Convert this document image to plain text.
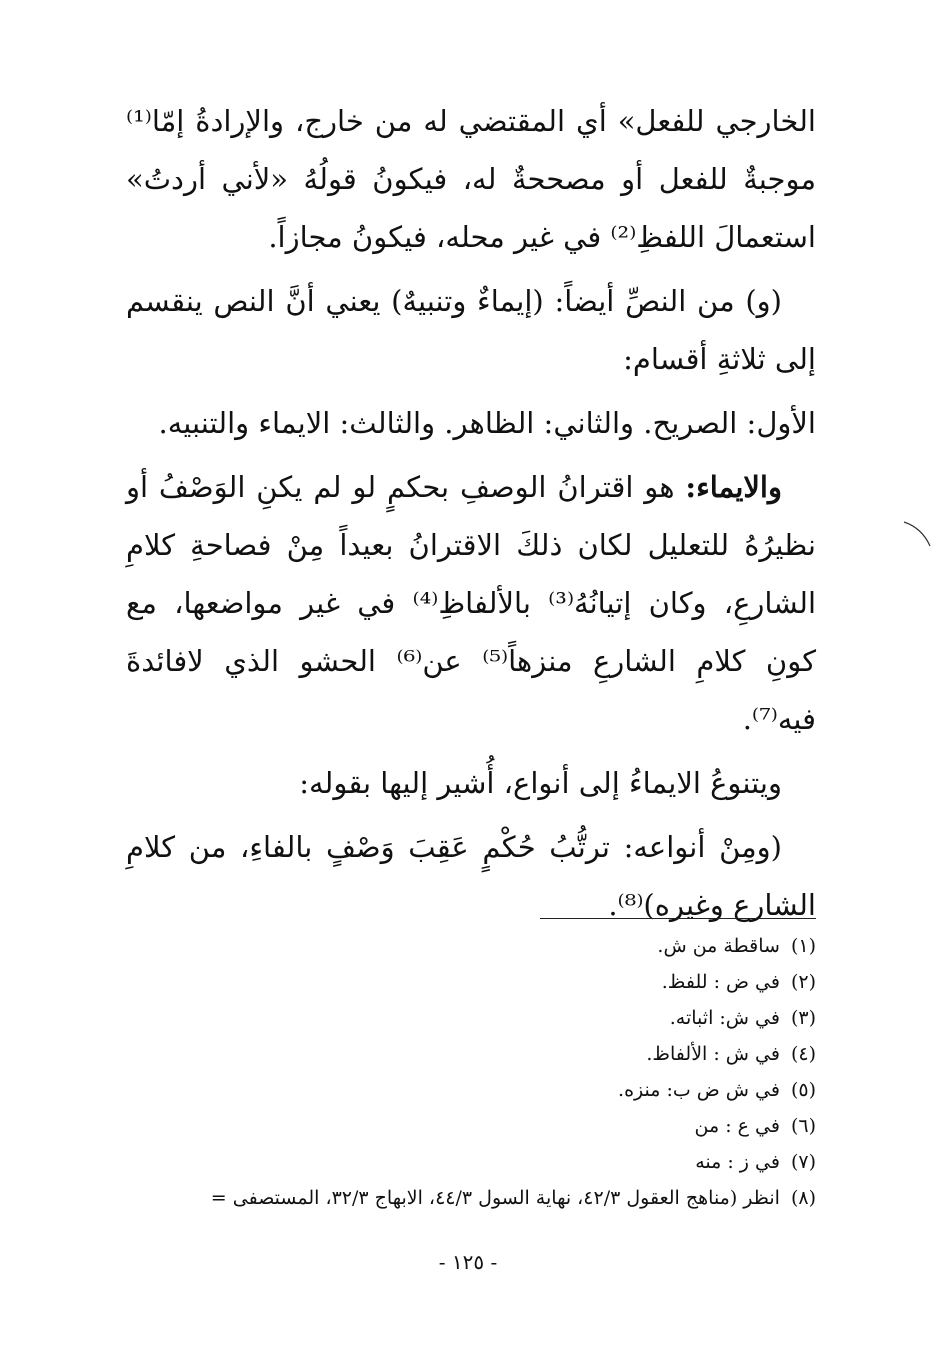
الخارجي للفعل» أي المقتضي له من خارج، والإرادةُ إمّا⁽¹⁾ موجبةٌ للفعل أو مصححةٌ له، فيكونُ قولُهُ «لأني أردتُ» استعمالَ اللفظِ⁽²⁾ في غير محله، فيكونُ مجازاً.

(و) من النصِّ أيضاً: (إيماءٌ وتنبيهٌ) يعني أنَّ النص ينقسم إلى ثلاثةِ أقسام:

الأول: الصريح. والثاني: الظاهر. والثالث: الايماء والتنبيه.

والايماء: هو اقترانُ الوصفِ بحكمٍ لو لم يكنِ الوَصْفُ أو نظيرُهُ للتعليل لكان ذلكَ الاقترانُ بعيداً مِنْ فصاحةِ كلامِ الشارعِ، وكان إتيانُهُ⁽³⁾ بالألفاظِ⁽⁴⁾ في غير مواضعها، مع كونِ كلامِ الشارعِ منزهاً⁽⁵⁾ عن⁽⁶⁾ الحشو الذي لافائدةَ فيه⁽⁷⁾.

ويتنوعُ الايماءُ إلى أنواع، أُشير إليها بقوله:

(ومِنْ أنواعه: ترتُّبُ حُكْمٍ عَقِبَ وَصْفٍ بالفاءِ، من كلامِ الشارع وغيره)⁽⁸⁾.

(١) ساقطة من ش.
(٢) في ض : للفظ.
(٣) في ش: اثباته.
(٤) في ش : الألفاظ.
(٥) في ش ض ب: منزه.
(٦) في ع : من
(٧) في ز : منه
(٨) انظر (مناهج العقول ٤٢/٣، نهاية السول ٤٤/٣، الابهاج ٣٢/٣، المستصفى =
- ١٢٥ -
